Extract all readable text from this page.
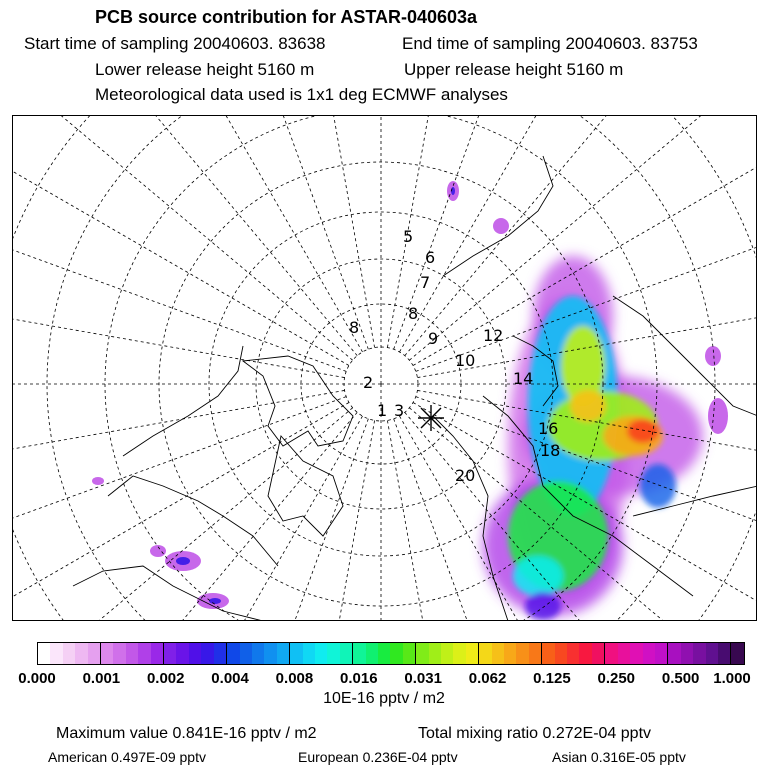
PCB source contribution for ASTAR-040603a
Start time of sampling 20040603. 83638	End time of sampling 20040603. 83753
Lower release height 5160 m	Upper release height 5160 m
Meteorological data used is 1x1 deg ECMWF analyses
5
6
7
8
9
10
12
14
16
18
20
1
2
3
8
0.000 0.001 0.002 0.004 0.008 0.016 0.031 0.062 0.125 0.250 0.500 1.000
10E-16 pptv / m2
Maximum value 0.841E-16 pptv / m2	Total mixing ratio 0.272E-04 pptv
American 0.497E-09 pptv	European 0.236E-04 pptv	Asian 0.316E-05 pptv
